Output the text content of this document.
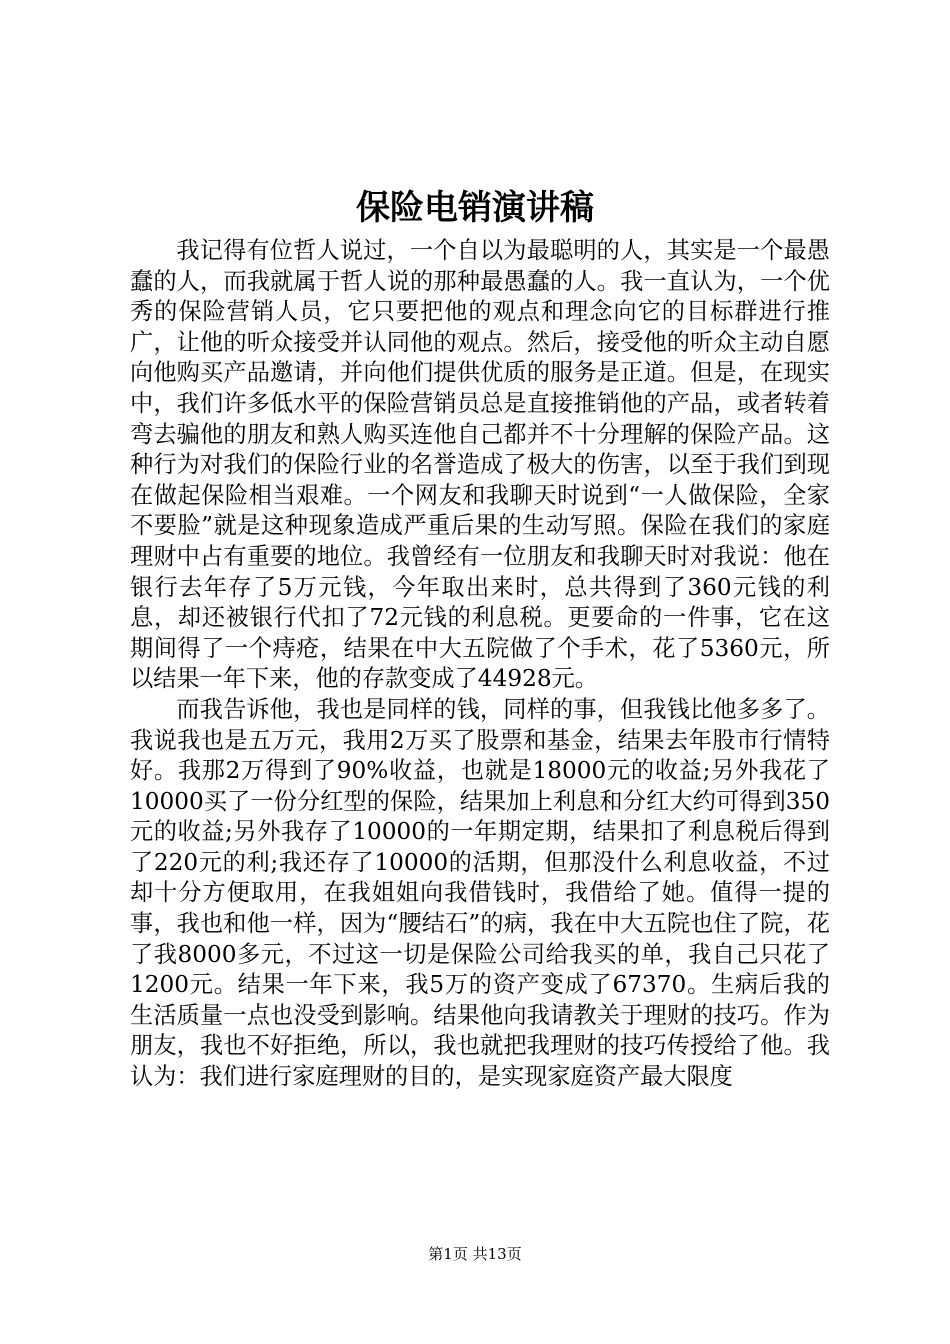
保险电销演讲稿

我记得有位哲人说过，一个自以为最聪明的人，其实是一个最愚蠢的人，而我就属于哲人说的那种最愚蠢的人。我一直认为，一个优秀的保险营销人员，它只要把他的观点和理念向它的目标群进行推广，让他的听众接受并认同他的观点。然后，接受他的听众主动自愿向他购买产品邀请，并向他们提供优质的服务是正道。但是，在现实中，我们许多低水平的保险营销员总是直接推销他的产品，或者转着弯去骗他的朋友和熟人购买连他自己都并不十分理解的保险产品。这种行为对我们的保险行业的名誉造成了极大的伤害，以至于我们到现在做起保险相当艰难。一个网友和我聊天时说到“一人做保险，全家不要脸”就是这种现象造成严重后果的生动写照。保险在我们的家庭理财中占有重要的地位。我曾经有一位朋友和我聊天时对我说：他在银行去年存了5万元钱，今年取出来时，总共得到了360元钱的利息，却还被银行代扣了72元钱的利息税。更要命的一件事，它在这期间得了一个痔疮，结果在中大五院做了个手术，花了5360元，所以结果一年下来，他的存款变成了44928元。

而我告诉他，我也是同样的钱，同样的事，但我钱比他多多了。我说我也是五万元，我用2万买了股票和基金，结果去年股市行情特好。我那2万得到了90%收益，也就是18000元的收益;另外我花了10000买了一份分红型的保险，结果加上利息和分红大约可得到350元的收益;另外我存了10000的一年期定期，结果扣了利息税后得到了220元的利;我还存了10000的活期，但那没什么利息收益，不过却十分方便取用，在我姐姐向我借钱时，我借给了她。值得一提的事，我也和他一样，因为“腰结石”的病，我在中大五院也住了院，花了我8000多元，不过这一切是保险公司给我买的单，我自己只花了1200元。结果一年下来，我5万的资产变成了67370。生病后我的生活质量一点也没受到影响。结果他向我请教关于理财的技巧。作为朋友，我也不好拒绝，所以，我也就把我理财的技巧传授给了他。我认为：我们进行家庭理财的目的，是实现家庭资产最大限度

第1页 共13页
